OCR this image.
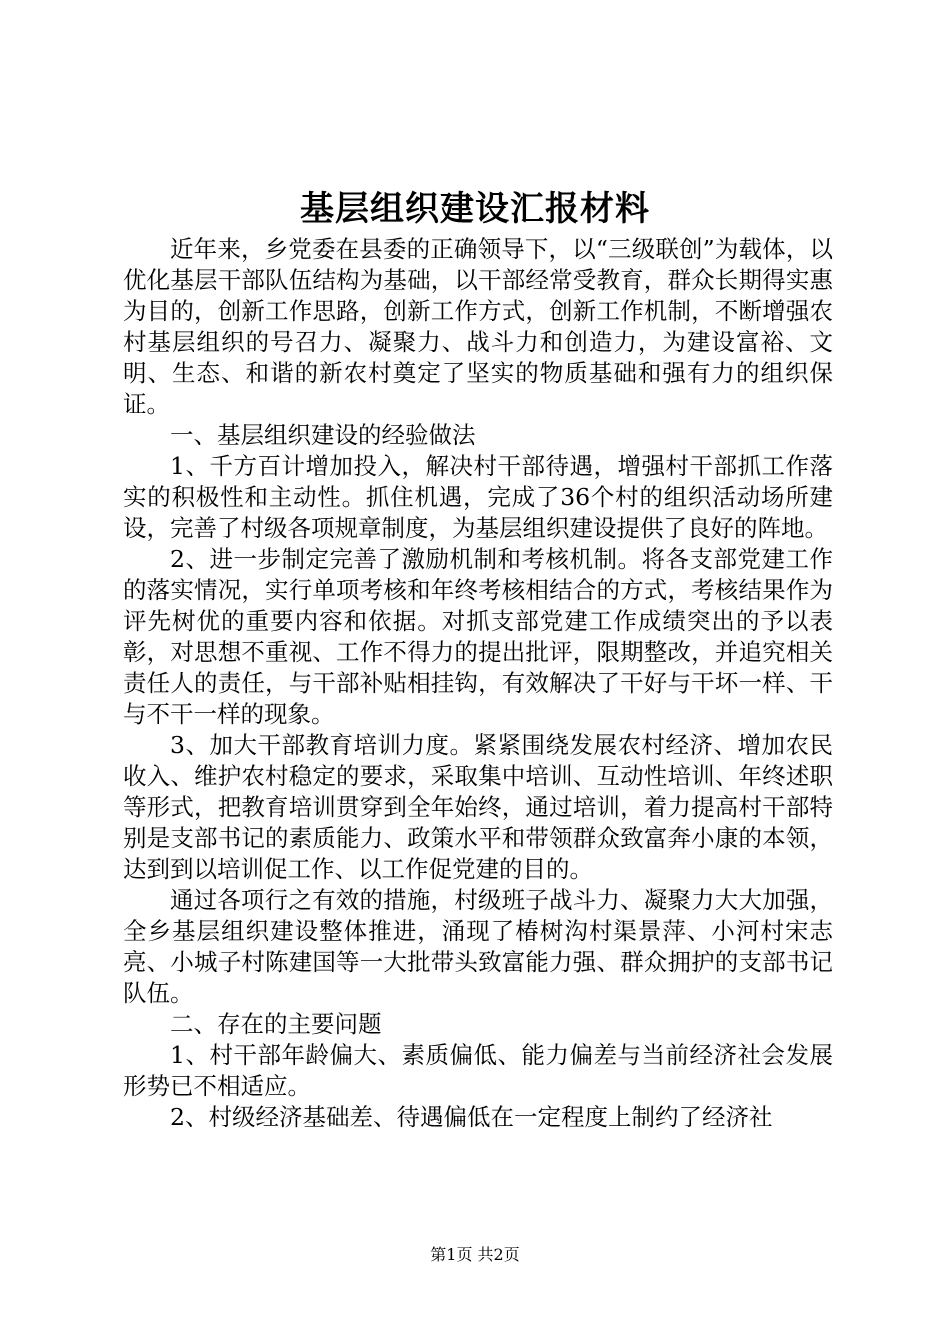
基层组织建设汇报材料

近年来，乡党委在县委的正确领导下，以“三级联创”为载体，以优化基层干部队伍结构为基础，以干部经常受教育，群众长期得实惠为目的，创新工作思路，创新工作方式，创新工作机制，不断增强农村基层组织的号召力、凝聚力、战斗力和创造力，为建设富裕、文明、生态、和谐的新农村奠定了坚实的物质基础和强有力的组织保证。

一、基层组织建设的经验做法

1、千方百计增加投入，解决村干部待遇，增强村干部抓工作落实的积极性和主动性。抓住机遇，完成了36个村的组织活动场所建设，完善了村级各项规章制度，为基层组织建设提供了良好的阵地。

2、进一步制定完善了激励机制和考核机制。将各支部党建工作的落实情况，实行单项考核和年终考核相结合的方式，考核结果作为评先树优的重要内容和依据。对抓支部党建工作成绩突出的予以表彰，对思想不重视、工作不得力的提出批评，限期整改，并追究相关责任人的责任，与干部补贴相挂钩，有效解决了干好与干坏一样、干与不干一样的现象。

3、加大干部教育培训力度。紧紧围绕发展农村经济、增加农民收入、维护农村稳定的要求，采取集中培训、互动性培训、年终述职等形式，把教育培训贯穿到全年始终，通过培训，着力提高村干部特别是支部书记的素质能力、政策水平和带领群众致富奔小康的本领，达到到以培训促工作、以工作促党建的目的。

通过各项行之有效的措施，村级班子战斗力、凝聚力大大加强，全乡基层组织建设整体推进，涌现了椿树沟村渠景萍、小河村宋志亮、小城子村陈建国等一大批带头致富能力强、群众拥护的支部书记队伍。

二、存在的主要问题

1、村干部年龄偏大、素质偏低、能力偏差与当前经济社会发展形势已不相适应。

2、村级经济基础差、待遇偏低在一定程度上制约了经济社

第1页 共2页
